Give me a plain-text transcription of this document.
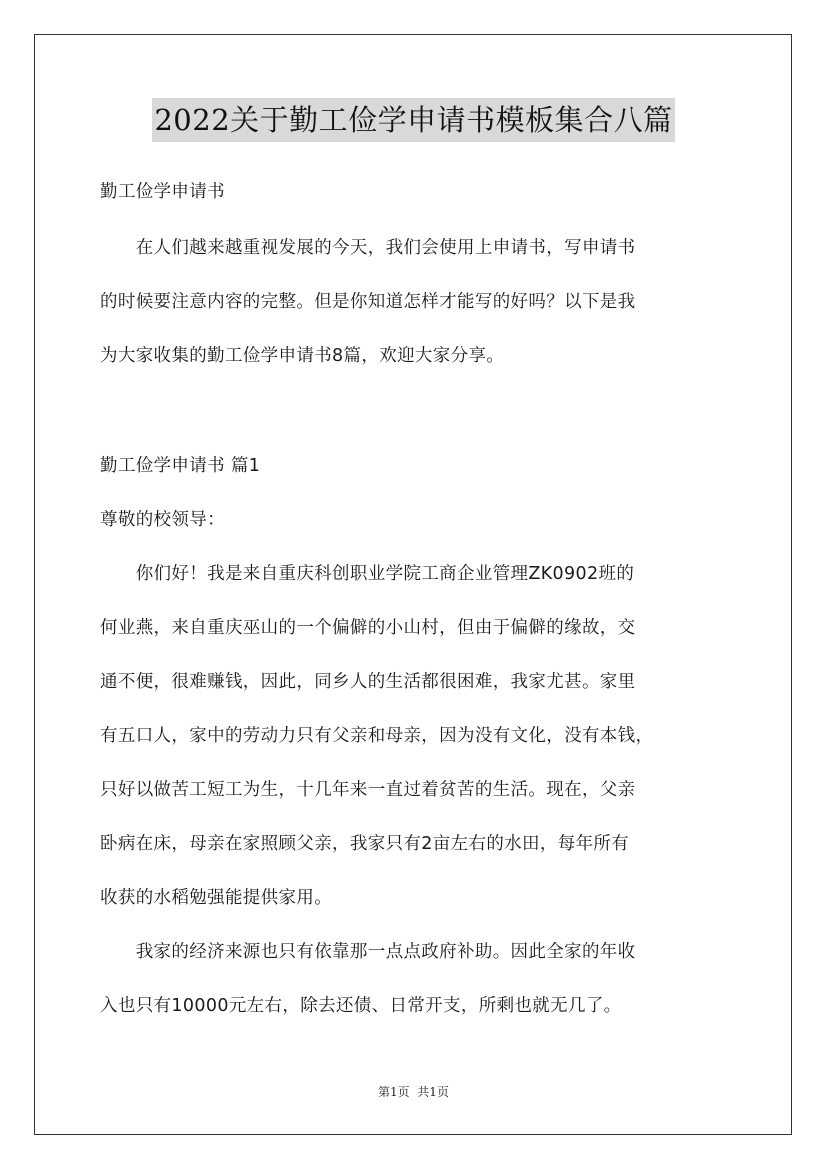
2022关于勤工俭学申请书模板集合八篇
勤工俭学申请书
　　在人们越来越重视发展的今天，我们会使用上申请书，写申请书
的时候要注意内容的完整。但是你知道怎样才能写的好吗？以下是我
为大家收集的勤工俭学申请书8篇，欢迎大家分享。
勤工俭学申请书 篇1
尊敬的校领导：
　　你们好！我是来自重庆科创职业学院工商企业管理ZK0902班的
何业燕，来自重庆巫山的一个偏僻的小山村，但由于偏僻的缘故，交
通不便，很难赚钱，因此，同乡人的生活都很困难，我家尤甚。家里
有五口人，家中的劳动力只有父亲和母亲，因为没有文化，没有本钱，
只好以做苦工短工为生，十几年来一直过着贫苦的生活。现在，父亲
卧病在床，母亲在家照顾父亲，我家只有2亩左右的水田，每年所有
收获的水稻勉强能提供家用。
　　我家的经济来源也只有依靠那一点点政府补助。因此全家的年收
入也只有10000元左右，除去还债、日常开支，所剩也就无几了。
第1页  共1页
